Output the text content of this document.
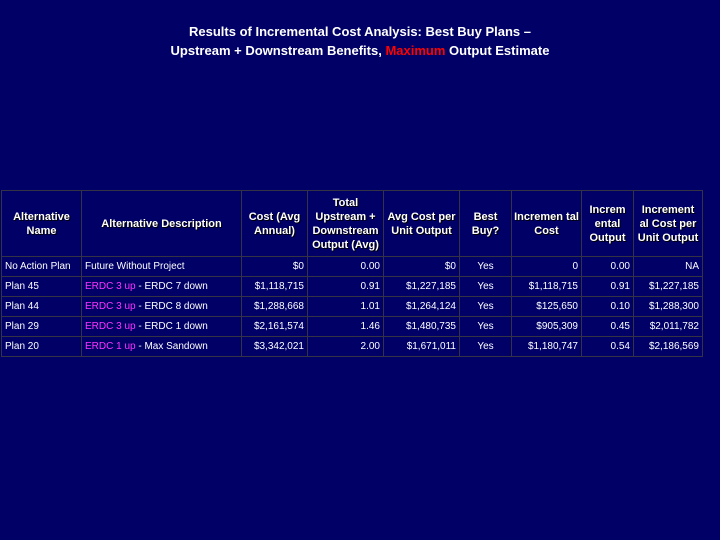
Results of Incremental Cost Analysis: Best Buy Plans –
Upstream + Downstream Benefits, Maximum Output Estimate
Alternative Name	Alternative Description	Cost (Avg Annual)	Total Upstream + Downstream Output (Avg)	Avg Cost per Unit Output	Best Buy?	Incremen tal Cost	Increm ental Output	Increment al Cost per Unit Output
No Action Plan	Future Without Project	$0	0.00	$0	Yes	0	0.00	NA
Plan 45	ERDC 3 up - ERDC 7 down	$1,118,715	0.91	$1,227,185	Yes	$1,118,715	0.91	$1,227,185
Plan 44	ERDC 3 up - ERDC 8 down	$1,288,668	1.01	$1,264,124	Yes	$125,650	0.10	$1,288,300
Plan 29	ERDC 3 up - ERDC 1 down	$2,161,574	1.46	$1,480,735	Yes	$905,309	0.45	$2,011,782
Plan 20	ERDC 1 up - Max Sandown	$3,342,021	2.00	$1,671,011	Yes	$1,180,747	0.54	$2,186,569
